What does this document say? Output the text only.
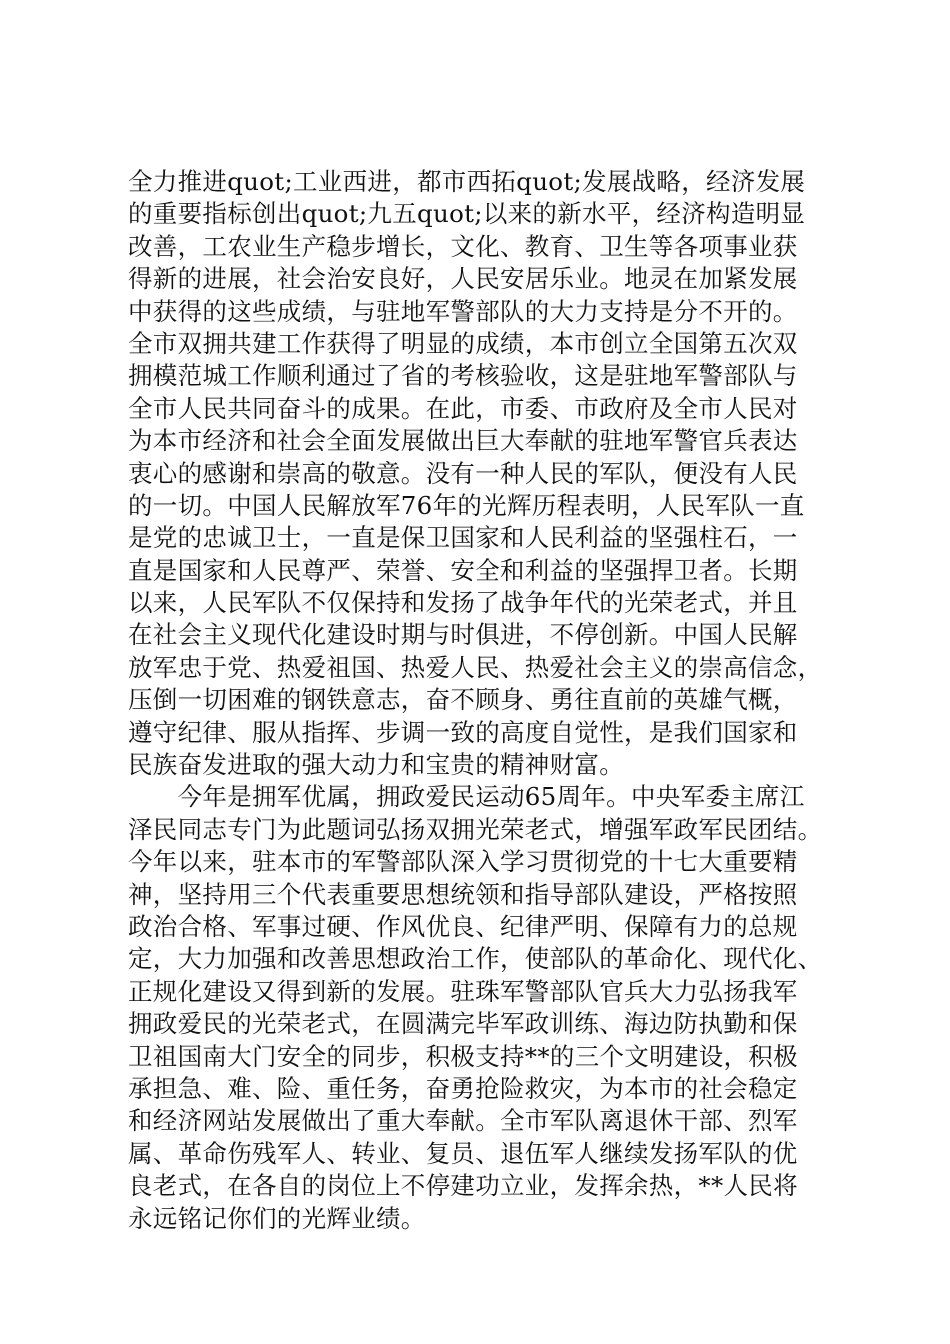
全力推进quot;工业西进，都市西拓quot;发展战略，经济发展
的重要指标创出quot;九五quot;以来的新水平，经济构造明显
改善，工农业生产稳步增长，文化、教育、卫生等各项事业获
得新的进展，社会治安良好，人民安居乐业。地灵在加紧发展
中获得的这些成绩，与驻地军警部队的大力支持是分不开的。
全市双拥共建工作获得了明显的成绩，本市创立全国第五次双
拥模范城工作顺利通过了省的考核验收，这是驻地军警部队与
全市人民共同奋斗的成果。在此，市委、市政府及全市人民对
为本市经济和社会全面发展做出巨大奉献的驻地军警官兵表达
衷心的感谢和崇高的敬意。没有一种人民的军队，便没有人民
的一切。中国人民解放军76年的光辉历程表明，人民军队一直
是党的忠诚卫士，一直是保卫国家和人民利益的坚强柱石，一
直是国家和人民尊严、荣誉、安全和利益的坚强捍卫者。长期
以来，人民军队不仅保持和发扬了战争年代的光荣老式，并且
在社会主义现代化建设时期与时俱进，不停创新。中国人民解
放军忠于党、热爱祖国、热爱人民、热爱社会主义的崇高信念，
压倒一切困难的钢铁意志，奋不顾身、勇往直前的英雄气概，
遵守纪律、服从指挥、步调一致的高度自觉性，是我们国家和
民族奋发进取的强大动力和宝贵的精神财富。
　　今年是拥军优属，拥政爱民运动65周年。中央军委主席江
泽民同志专门为此题词弘扬双拥光荣老式，增强军政军民团结。
今年以来，驻本市的军警部队深入学习贯彻党的十七大重要精
神，坚持用三个代表重要思想统领和指导部队建设，严格按照
政治合格、军事过硬、作风优良、纪律严明、保障有力的总规
定，大力加强和改善思想政治工作，使部队的革命化、现代化、
正规化建设又得到新的发展。驻珠军警部队官兵大力弘扬我军
拥政爱民的光荣老式，在圆满完毕军政训练、海边防执勤和保
卫祖国南大门安全的同步，积极支持**的三个文明建设，积极
承担急、难、险、重任务，奋勇抢险救灾，为本市的社会稳定
和经济网站发展做出了重大奉献。全市军队离退休干部、烈军
属、革命伤残军人、转业、复员、退伍军人继续发扬军队的优
良老式，在各自的岗位上不停建功立业，发挥余热，**人民将
永远铭记你们的光辉业绩。
